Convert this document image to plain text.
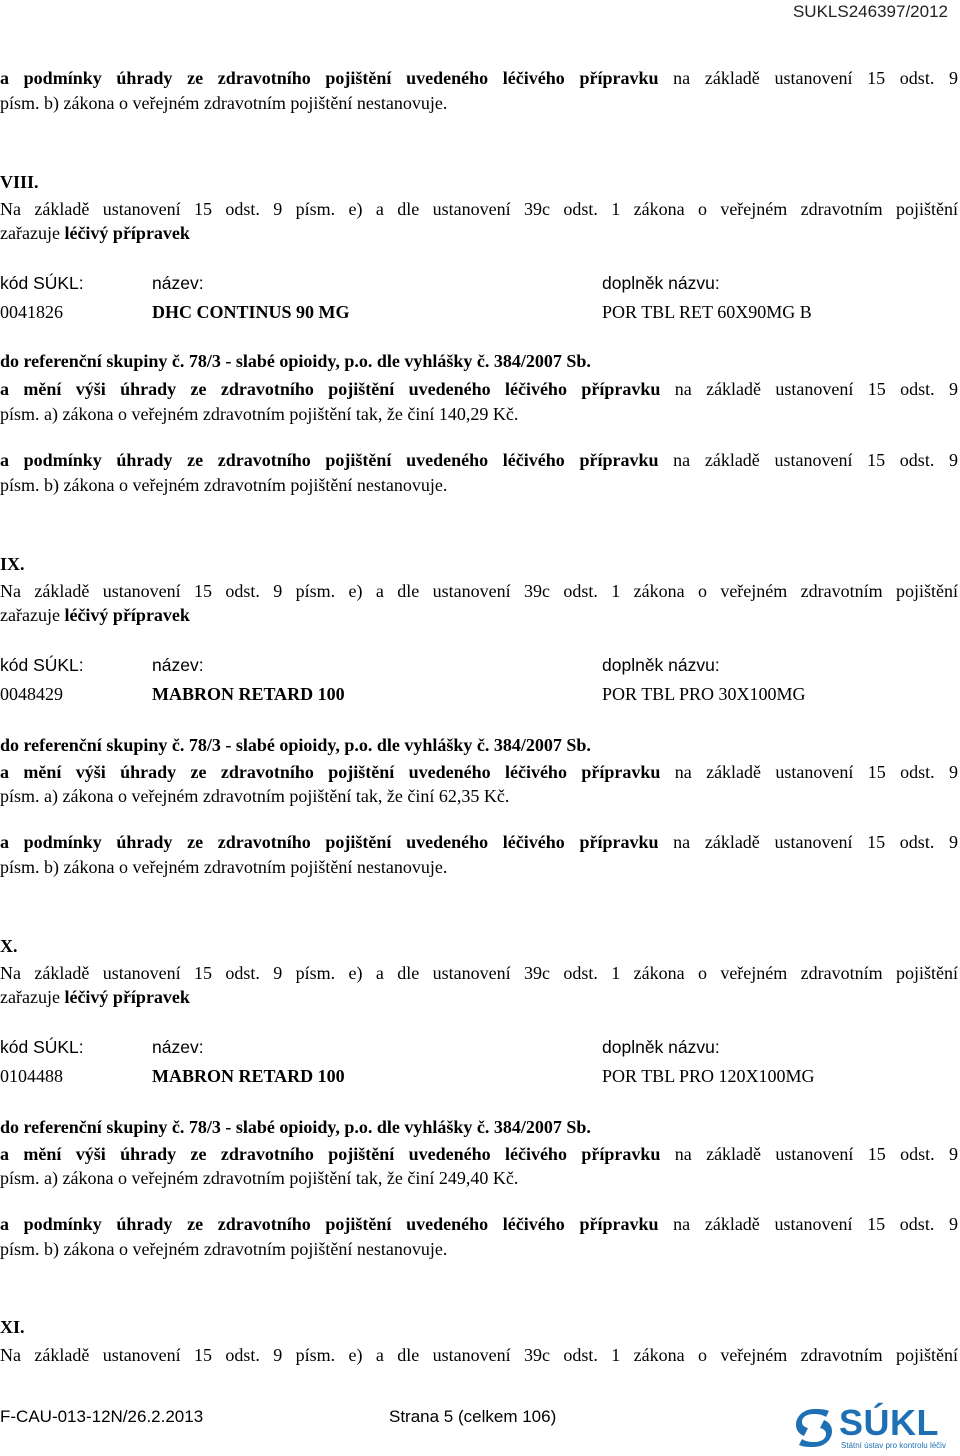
SUKLS246397/2012
a podmínky úhrady ze zdravotního pojištění uvedeného léčivého přípravku na základě ustanovení 15 odst. 9
písm. b) zákona o veřejném zdravotním pojištění nestanovuje.
VIII.
Na základě ustanovení 15 odst. 9 písm. e) a dle ustanovení 39c odst. 1 zákona o veřejném zdravotním pojištění
zařazuje léčivý přípravek
kód SÚKL:	název:	doplněk názvu:
0041826	DHC CONTINUS 90 MG	POR TBL RET 60X90MG B
do referenční skupiny č. 78/3 - slabé opioidy, p.o. dle vyhlášky č. 384/2007 Sb.
a mění výši úhrady ze zdravotního pojištění uvedeného léčivého přípravku na základě ustanovení 15 odst. 9
písm. a) zákona o veřejném zdravotním pojištění tak, že činí 140,29 Kč.
a podmínky úhrady ze zdravotního pojištění uvedeného léčivého přípravku na základě ustanovení 15 odst. 9
písm. b) zákona o veřejném zdravotním pojištění nestanovuje.
IX.
Na základě ustanovení 15 odst. 9 písm. e) a dle ustanovení 39c odst. 1 zákona o veřejném zdravotním pojištění
zařazuje léčivý přípravek
kód SÚKL:	název:	doplněk názvu:
0048429	MABRON RETARD 100	POR TBL PRO 30X100MG
do referenční skupiny č. 78/3 - slabé opioidy, p.o. dle vyhlášky č. 384/2007 Sb.
a mění výši úhrady ze zdravotního pojištění uvedeného léčivého přípravku na základě ustanovení 15 odst. 9
písm. a) zákona o veřejném zdravotním pojištění tak, že činí 62,35 Kč.
a podmínky úhrady ze zdravotního pojištění uvedeného léčivého přípravku na základě ustanovení 15 odst. 9
písm. b) zákona o veřejném zdravotním pojištění nestanovuje.
X.
Na základě ustanovení 15 odst. 9 písm. e) a dle ustanovení 39c odst. 1 zákona o veřejném zdravotním pojištění
zařazuje léčivý přípravek
kód SÚKL:	název:	doplněk názvu:
0104488	MABRON RETARD 100	POR TBL PRO 120X100MG
do referenční skupiny č. 78/3 - slabé opioidy, p.o. dle vyhlášky č. 384/2007 Sb.
a mění výši úhrady ze zdravotního pojištění uvedeného léčivého přípravku na základě ustanovení 15 odst. 9
písm. a) zákona o veřejném zdravotním pojištění tak, že činí 249,40 Kč.
a podmínky úhrady ze zdravotního pojištění uvedeného léčivého přípravku na základě ustanovení 15 odst. 9
písm. b) zákona o veřejném zdravotním pojištění nestanovuje.
XI.
Na základě ustanovení 15 odst. 9 písm. e) a dle ustanovení 39c odst. 1 zákona o veřejném zdravotním pojištění
F-CAU-013-12N/26.2.2013	Strana 5 (celkem 106)	SÚKL
Státní ústav pro kontrolu léčiv
